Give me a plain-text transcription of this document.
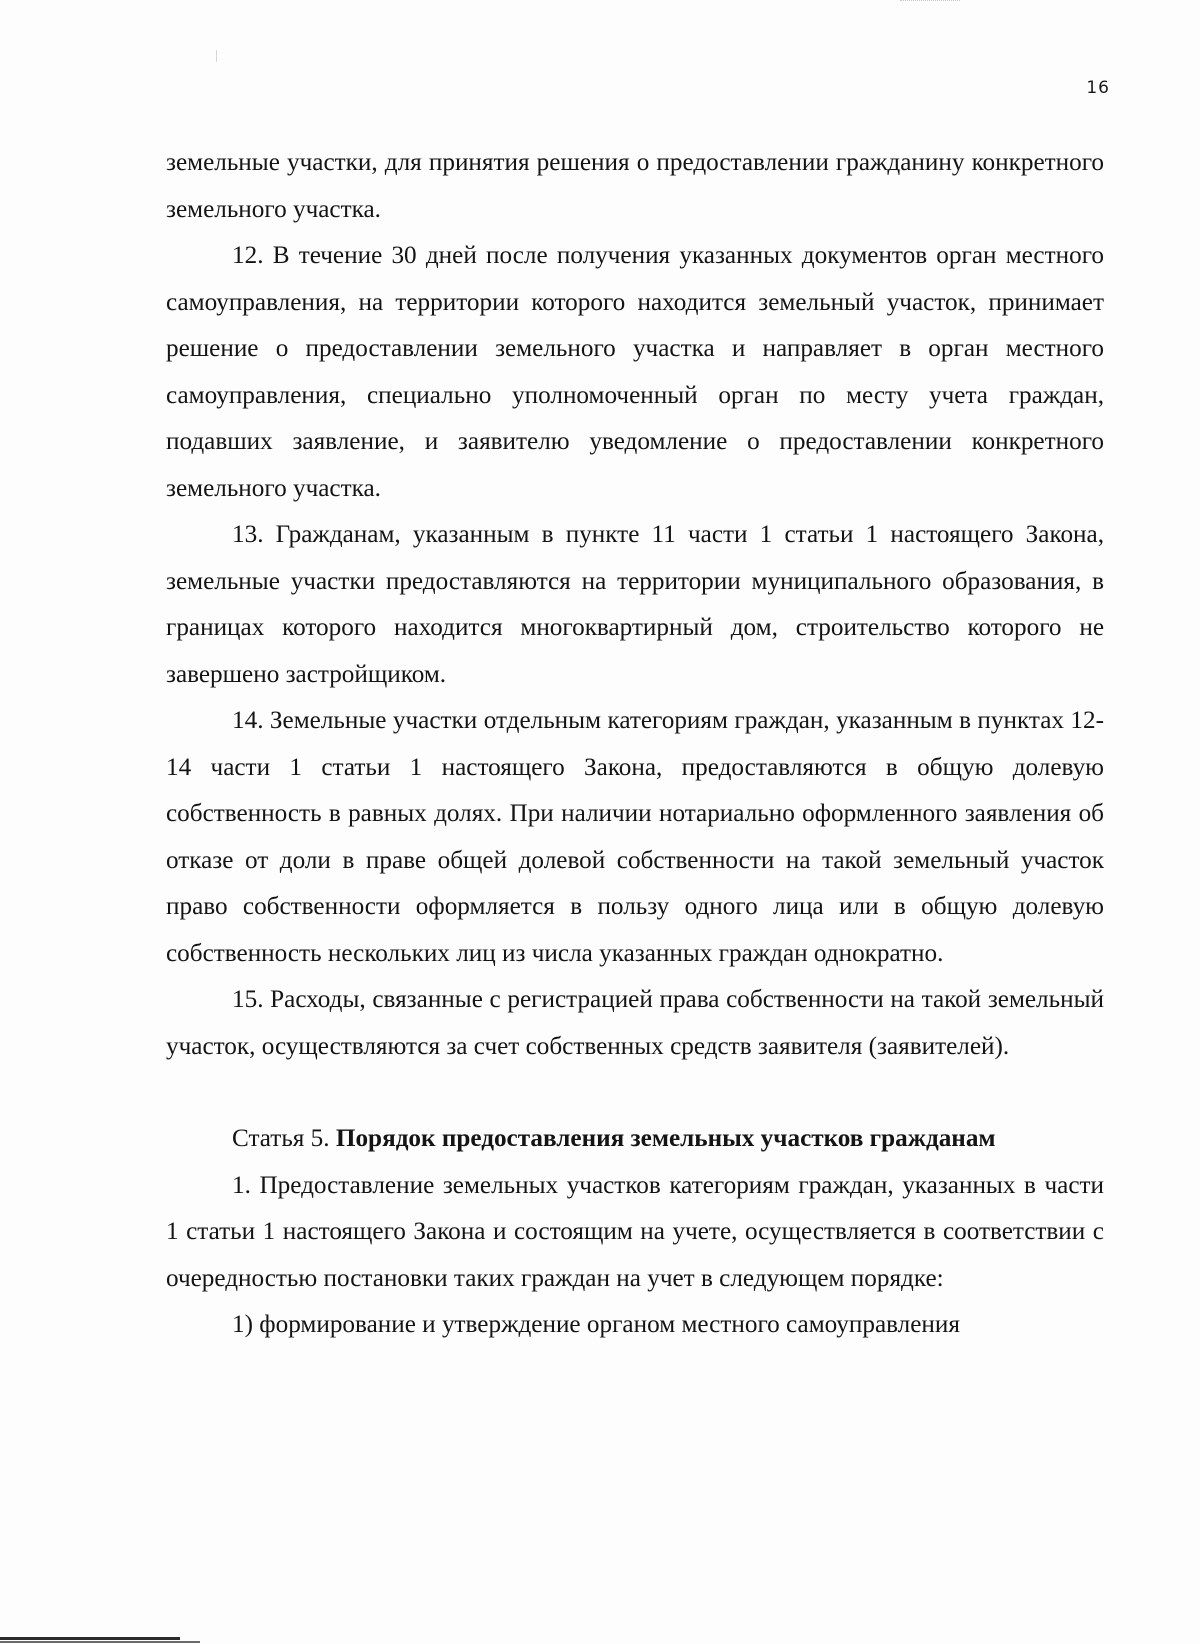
16

земельные участки, для принятия решения о предоставлении гражданину конкретного земельного участка.

12. В течение 30 дней после получения указанных документов орган местного самоуправления, на территории которого находится земельный участок, принимает решение о предоставлении земельного участка и направляет в орган местного самоуправления, специально уполномоченный орган по месту учета граждан, подавших заявление, и заявителю уведомление о предоставлении конкретного земельного участка.

13. Гражданам, указанным в пункте 11 части 1 статьи 1 настоящего Закона, земельные участки предоставляются на территории муниципального образования, в границах которого находится многоквартирный дом, строительство которого не завершено застройщиком.

14. Земельные участки отдельным категориям граждан, указанным в пунктах 12-14 части 1 статьи 1 настоящего Закона, предоставляются в общую долевую собственность в равных долях. При наличии нотариально оформленного заявления об отказе от доли в праве общей долевой собственности на такой земельный участок право собственности оформляется в пользу одного лица или в общую долевую собственность нескольких лиц из числа указанных граждан однократно.

15. Расходы, связанные с регистрацией права собственности на такой земельный участок, осуществляются за счет собственных средств заявителя (заявителей).

Статья 5. Порядок предоставления земельных участков гражданам

1. Предоставление земельных участков категориям граждан, указанных в части 1 статьи 1 настоящего Закона и состоящим на учете, осуществляется в соответствии с очередностью постановки таких граждан на учет в следующем порядке:

1) формирование и утверждение органом местного самоуправления
